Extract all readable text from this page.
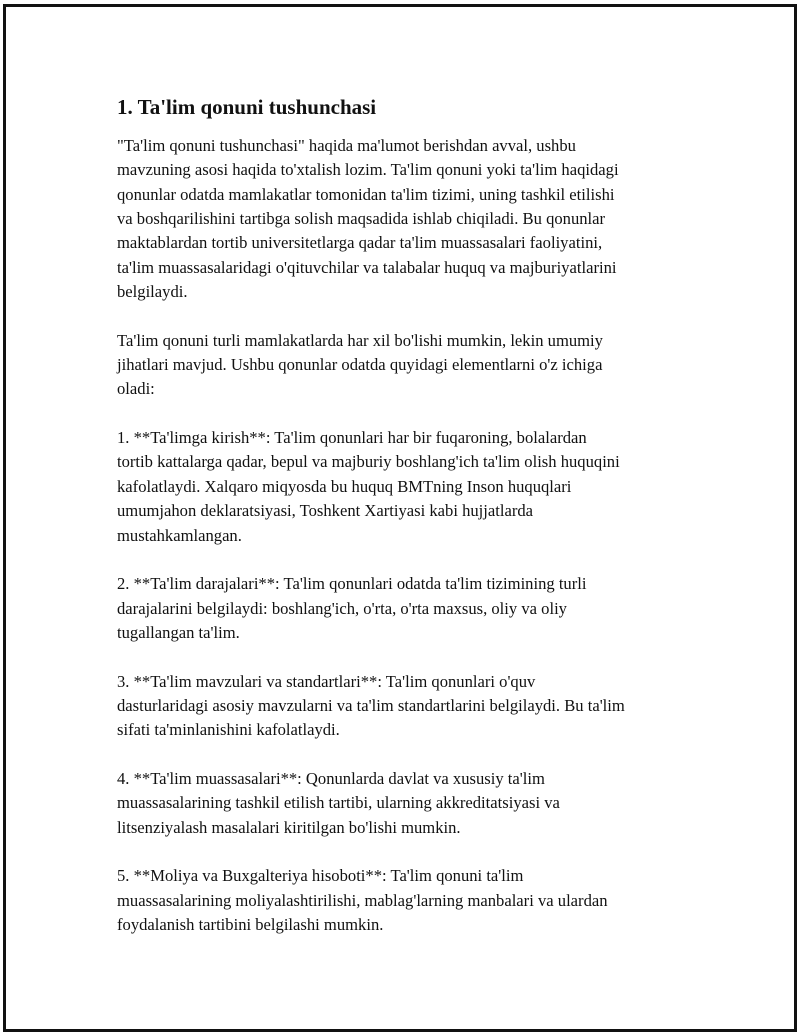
1. Ta'lim qonuni tushunchasi

"Ta'lim qonuni tushunchasi" haqida ma'lumot berishdan avval, ushbu
mavzuning asosi haqida to'xtalish lozim. Ta'lim qonuni yoki ta'lim haqidagi
qonunlar odatda mamlakatlar tomonidan ta'lim tizimi, uning tashkil etilishi
va boshqarilishini tartibga solish maqsadida ishlab chiqiladi. Bu qonunlar
maktablardan tortib universitetlarga qadar ta'lim muassasalari faoliyatini,
ta'lim muassasalaridagi o'qituvchilar va talabalar huquq va majburiyatlarini
belgilaydi.

Ta'lim qonuni turli mamlakatlarda har xil bo'lishi mumkin, lekin umumiy
jihatlari mavjud. Ushbu qonunlar odatda quyidagi elementlarni o'z ichiga
oladi:

1. **Ta'limga kirish**: Ta'lim qonunlari har bir fuqaroning, bolalardan
tortib kattalarga qadar, bepul va majburiy boshlang'ich ta'lim olish huquqini
kafolatlaydi. Xalqaro miqyosda bu huquq BMTning Inson huquqlari
umumjahon deklaratsiyasi, Toshkent Xartiyasi kabi hujjatlarda
mustahkamlangan.

2. **Ta'lim darajalari**: Ta'lim qonunlari odatda ta'lim tizimining turli
darajalarini belgilaydi: boshlang'ich, o'rta, o'rta maxsus, oliy va oliy
tugallangan ta'lim.

3. **Ta'lim mavzulari va standartlari**: Ta'lim qonunlari o'quv
dasturlaridagi asosiy mavzularni va ta'lim standartlarini belgilaydi. Bu ta'lim
sifati ta'minlanishini kafolatlaydi.

4. **Ta'lim muassasalari**: Qonunlarda davlat va xususiy ta'lim
muassasalarining tashkil etilish tartibi, ularning akkreditatsiyasi va
litsenziyalash masalalari kiritilgan bo'lishi mumkin.

5. **Moliya va Buxgalteriya hisoboti**: Ta'lim qonuni ta'lim
muassasalarining moliyalashtirilishi, mablag'larning manbalari va ulardan
foydalanish tartibini belgilashi mumkin.
